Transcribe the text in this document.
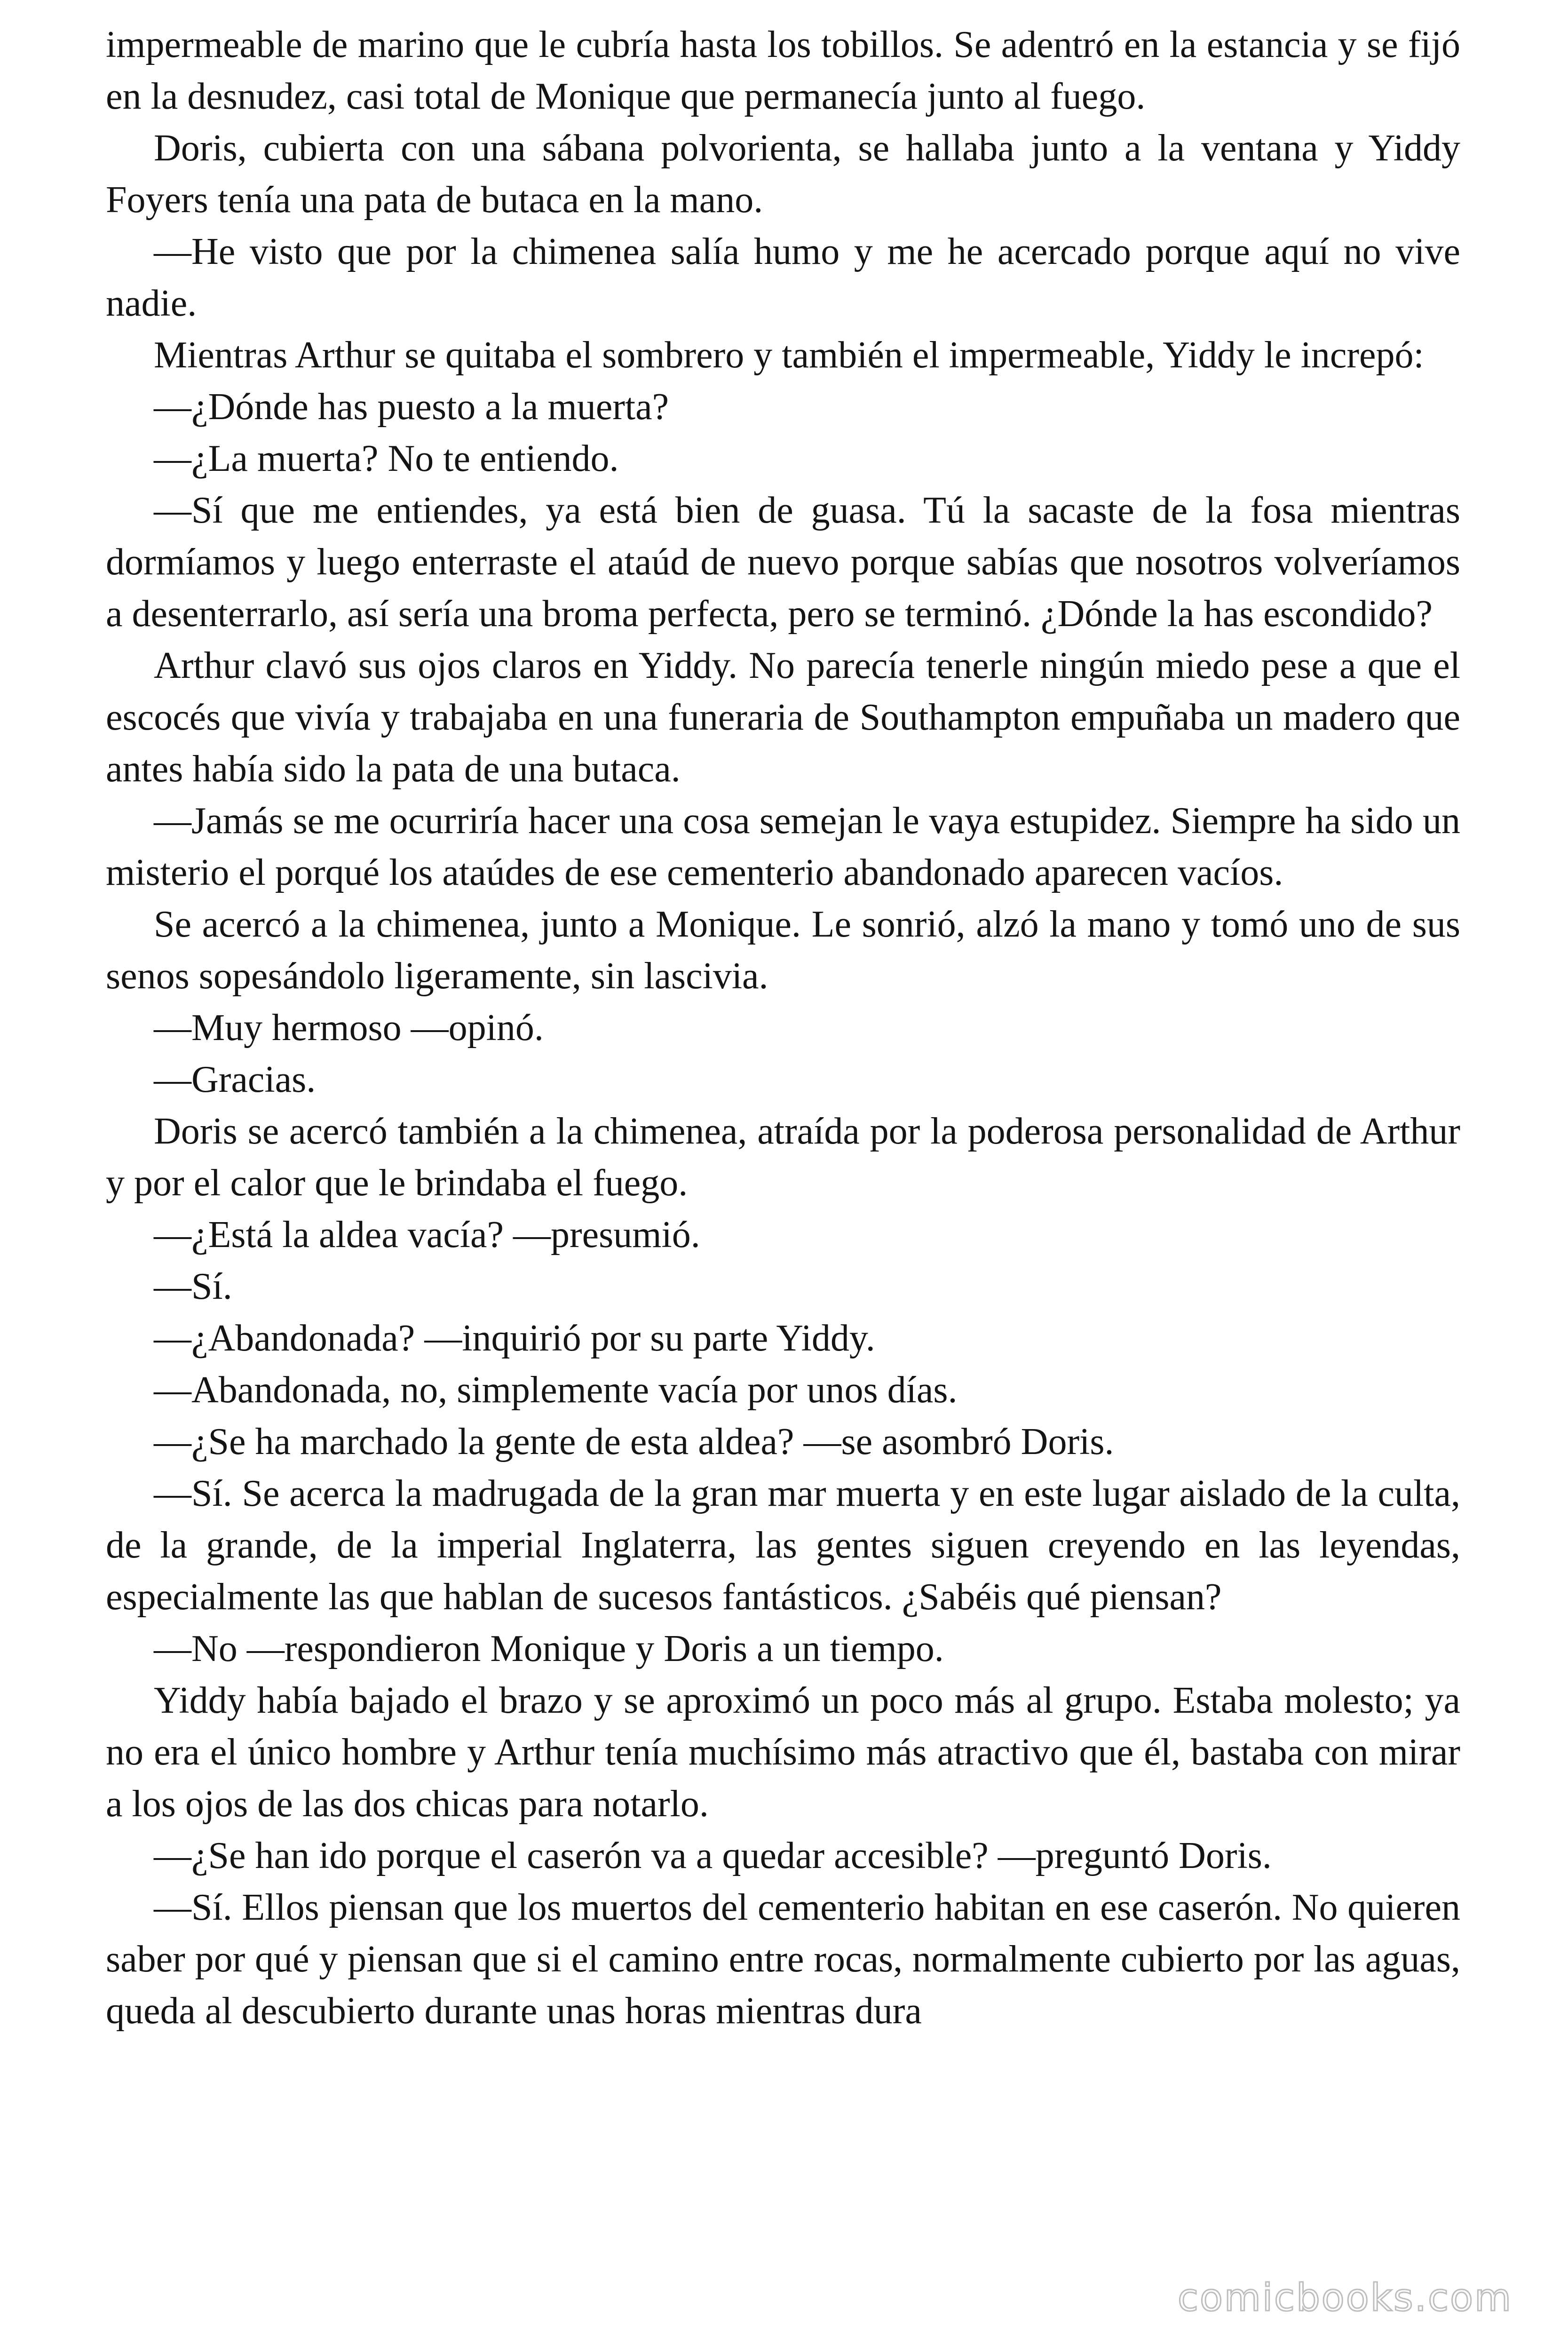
impermeable de marino que le cubría hasta los tobillos. Se adentró en la estancia y se fijó en la desnudez, casi total de Monique que permanecía junto al fuego.

Doris, cubierta con una sábana polvorienta, se hallaba junto a la ventana y Yiddy Foyers tenía una pata de butaca en la mano.

—He visto que por la chimenea salía humo y me he acercado porque aquí no vive nadie.

Mientras Arthur se quitaba el sombrero y también el impermeable, Yiddy le increpó:

—¿Dónde has puesto a la muerta?

—¿La muerta? No te entiendo.

—Sí que me entiendes, ya está bien de guasa. Tú la sacaste de la fosa mientras dormíamos y luego enterraste el ataúd de nuevo porque sabías que nosotros volveríamos a desenterrarlo, así sería una broma perfecta, pero se terminó. ¿Dónde la has escondido?

Arthur clavó sus ojos claros en Yiddy. No parecía tenerle ningún miedo pese a que el escocés que vivía y trabajaba en una funeraria de Southampton empuñaba un madero que antes había sido la pata de una butaca.

—Jamás se me ocurriría hacer una cosa semejan le vaya estupidez. Siempre ha sido un misterio el porqué los ataúdes de ese cementerio abandonado aparecen vacíos.

Se acercó a la chimenea, junto a Monique. Le sonrió, alzó la mano y tomó uno de sus senos sopesándolo ligeramente, sin lascivia.

—Muy hermoso —opinó.

—Gracias.

Doris se acercó también a la chimenea, atraída por la poderosa personalidad de Arthur y por el calor que le brindaba el fuego.

—¿Está la aldea vacía? —presumió.

—Sí.

—¿Abandonada? —inquirió por su parte Yiddy.

—Abandonada, no, simplemente vacía por unos días.

—¿Se ha marchado la gente de esta aldea? —se asombró Doris.

—Sí. Se acerca la madrugada de la gran mar muerta y en este lugar aislado de la culta, de la grande, de la imperial Inglaterra, las gentes siguen creyendo en las leyendas, especialmente las que hablan de sucesos fantásticos. ¿Sabéis qué piensan?

—No —respondieron Monique y Doris a un tiempo.

Yiddy había bajado el brazo y se aproximó un poco más al grupo. Estaba molesto; ya no era el único hombre y Arthur tenía muchísimo más atractivo que él, bastaba con mirar a los ojos de las dos chicas para notarlo.

—¿Se han ido porque el caserón va a quedar accesible? —preguntó Doris.

—Sí. Ellos piensan que los muertos del cementerio habitan en ese caserón. No quieren saber por qué y piensan que si el camino entre rocas, normalmente cubierto por las aguas, queda al descubierto durante unas horas mientras dura

comicbooks.com
